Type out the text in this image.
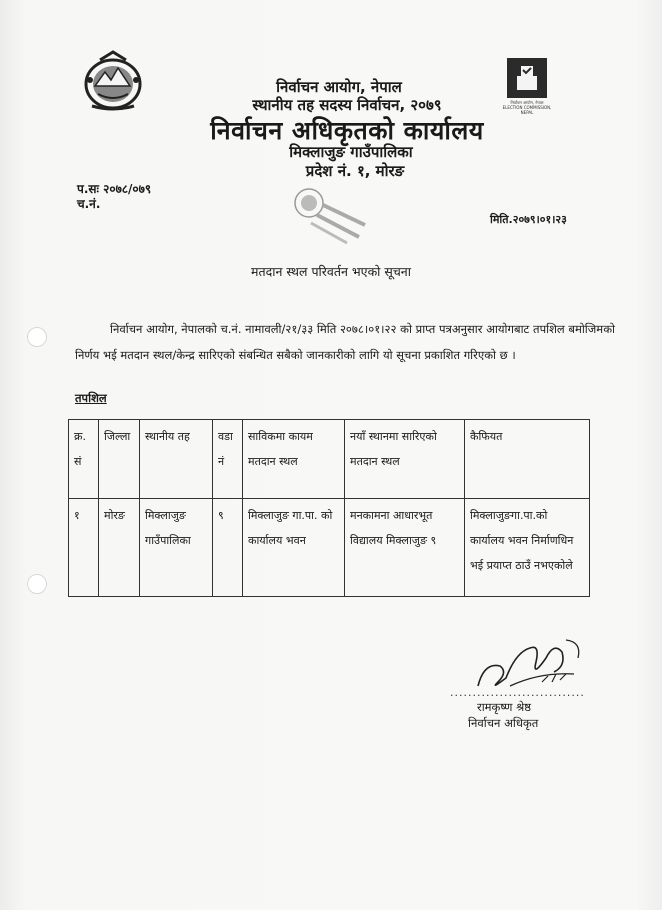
निर्वाचन आयोग, नेपाल ELECTION COMMISSION, NEPAL
निर्वाचन आयोग, नेपाल
स्थानीय तह सदस्य निर्वाचन, २०७९
निर्वाचन अधिकृतको कार्यालय
मिक्लाजुङ गाउँपालिका
प्रदेश नं. १, मोरङ
प.सः २०७८/०७९
च.नं.
मिति.२०७९।०१।२३
मतदान स्थल परिवर्तन भएको सूचना
निर्वाचन आयोग, नेपालको च.नं. नामावली/२१/३३ मिति २०७८।०१।२२ को प्राप्त पत्रअनुसार आयोगबाट तपशिल बमोजिमको निर्णय भई मतदान स्थल/केन्द्र सारिएको संबन्धित सबैको जानकारीको लागि यो सूचना प्रकाशित गरिएको छ ।
तपशिल
क्र. सं	जिल्ला	स्थानीय तह	वडा नं	साविकमा कायम मतदान स्थल	नयाँ स्थानमा सारिएको मतदान स्थल	कैफियत
१	मोरङ	मिक्लाजुङ गाउँपालिका	९	मिक्लाजुङ गा.पा. को कार्यालय भवन	मनकामना आधारभूत विद्यालय मिक्लाजुङ ९	मिक्लाजुङगा.पा.को कार्यालय भवन निर्माणधिन भई प्रयाप्त ठाउँ नभएकोले
..............................
रामकृष्ण श्रेष्ठ
निर्वाचन अधिकृत
